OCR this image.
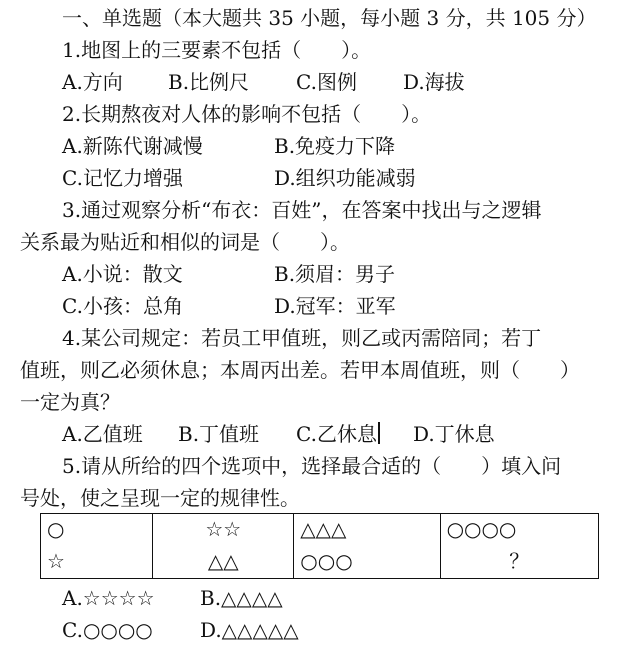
一、单选题（本大题共 35 小题，每小题 3 分，共 105 分）
1.地图上的三要素不包括（　　）。
A.方向 B.比例尺 C.图例 D.海拔
2.长期熬夜对人体的影响不包括（　　）。
A.新陈代谢减慢	B.免疫力下降
C.记忆力增强	D.组织功能减弱
3.通过观察分析“布衣：百姓”，在答案中找出与之逻辑
关系最为贴近和相似的词是（　　）。
A.小说：散文	B.须眉：男子
C.小孩：总角	D.冠军：亚军
4.某公司规定：若员工甲值班，则乙或丙需陪同；若丁
值班，则乙必须休息；本周丙出差。若甲本周值班，则（　　）
一定为真？
A.乙值班 B.丁值班 C.乙休息 D.丁休息
5.请从所给的四个选项中，选择最合适的（　　）填入问
号处，使之呈现一定的规律性。
○	☆☆	△△△	○○○○
☆	△△	○○○	？
A.☆☆☆☆ B.△△△△
C.○○○○ D.△△△△△
